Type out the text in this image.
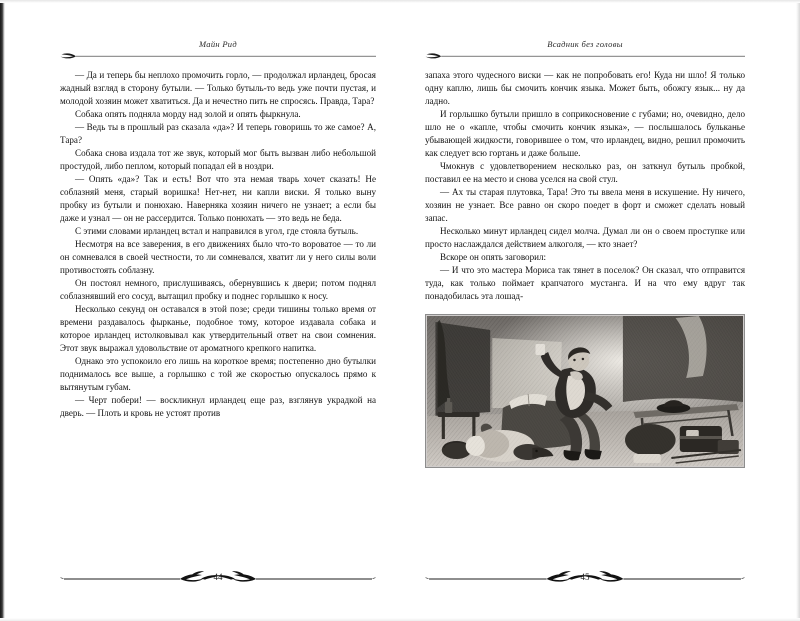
Майн Рид

— Да и теперь бы неплохо промочить горло, — продолжал ирландец, бросая жадный взгляд в сторону бутыли. — Только бутыль-то ведь уже почти пустая, и молодой хозяин может хватиться. Да и нечестно пить не спросясь. Правда, Тара?

Собака опять подняла морду над золой и опять фыркнула.

— Ведь ты в прошлый раз сказала «да»? И теперь говоришь то же самое? А, Тара?

Собака снова издала тот же звук, который мог быть вызван либо небольшой простудой, либо пеплом, который попадал ей в ноздри.

— Опять «да»? Так и есть! Вот что эта немая тварь хочет сказать! Не соблазняй меня, старый воришка! Нет-нет, ни капли виски. Я только выну пробку из бутыли и понюхаю. Наверняка хозяин ничего не узнает; а если бы даже и узнал — он не рассердится. Только понюхать — это ведь не беда.

С этими словами ирландец встал и направился в угол, где стояла бутыль.

Несмотря на все заверения, в его движениях было что-то вороватое — то ли он сомневался в своей честности, то ли сомневался, хватит ли у него силы воли противостоять соблазну.

Он постоял немного, прислушиваясь, обернувшись к двери; потом поднял соблазнявший его сосуд, вытащил пробку и поднес горлышко к носу.

Несколько секунд он оставался в этой позе; среди тишины только время от времени раздавалось фырканье, подобное тому, которое издавала собака и которое ирландец истолковывал как утвердительный ответ на свои сомнения. Этот звук выражал удовольствие от ароматного крепкого напитка.

Однако это успокоило его лишь на короткое время; постепенно дно бутылки поднималось все выше, а горлышко с той же скоростью опускалось прямо к вытянутым губам.

— Черт побери! — воскликнул ирландец еще раз, взглянув украдкой на дверь. — Плоть и кровь не устоят против

44
Всадник без головы

запаха этого чудесного виски — как не попробовать его! Куда ни шло! Я только одну каплю, лишь бы смочить кончик языка. Может быть, обожгу язык... ну да ладно.

И горлышко бутыли пришло в соприкосновение с губами; но, очевидно, дело шло не о «капле, чтобы смочить кончик языка», — послышалось бульканье убывающей жидкости, говорившее о том, что ирландец, видно, решил промочить как следует всю гортань и даже больше.

Чмокнув с удовлетворением несколько раз, он заткнул бутыль пробкой, поставил ее на место и снова уселся на свой стул.

— Ах ты старая плутовка, Тара! Это ты ввела меня в искушение. Ну ничего, хозяин не узнает. Все равно он скоро поедет в форт и сможет сделать новый запас.

Несколько минут ирландец сидел молча. Думал ли он о своем проступке или просто наслаждался действием алкоголя, — кто знает?

Вскоре он опять заговорил:

— И что это мастера Мориса так тянет в поселок? Он сказал, что отправится туда, как только поймает крапчатого мустанга. И на что ему вдруг так понадобилась эта лошад-

45
